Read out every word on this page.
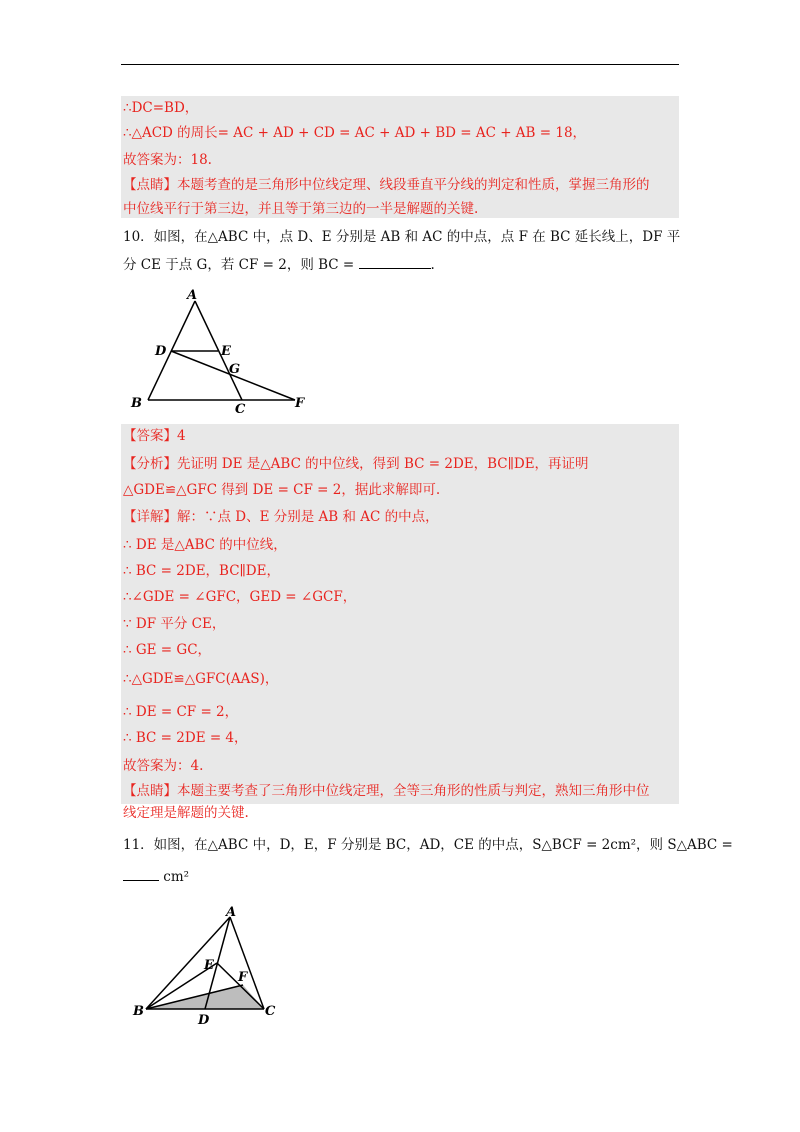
∴DC=BD，
∴△ACD 的周长= AC + AD + CD = AC + AD + BD = AC + AB = 18，
故答案为：18.
【点睛】本题考查的是三角形中位线定理、线段垂直平分线的判定和性质，掌握三角形的
中位线平行于第三边，并且等于第三边的一半是解题的关键.
10．如图，在△ABC 中，点 D、E 分别是 AB 和 AC 的中点，点 F 在 BC 延长线上，DF 平
分 CE 于点 G，若 CF = 2，则 BC =	.
A
D	E
G
B	C	F
【答案】4
【分析】先证明 DE 是△ABC 的中位线，得到 BC = 2DE，BC∥DE，再证明
△GDE≌△GFC 得到 DE = CF = 2，据此求解即可.
【详解】解：∵点 D、E 分别是 AB 和 AC 的中点，
∴ DE 是△ABC 的中位线，
∴ BC = 2DE，BC∥DE，
∴∠GDE = ∠GFC，GED = ∠GCF，
∵ DF 平分 CE，
∴ GE = GC，
∴△GDE≌△GFC(AAS)，
∴ DE = CF = 2，
∴ BC = 2DE = 4，
故答案为：4.
【点睛】本题主要考查了三角形中位线定理，全等三角形的性质与判定，熟知三角形中位
线定理是解题的关键.
11．如图，在△ABC 中，D，E，F 分别是 BC，AD，CE 的中点，S△BCF = 2cm²，则 S△ABC =
cm²
A
E
F
B
D
C
